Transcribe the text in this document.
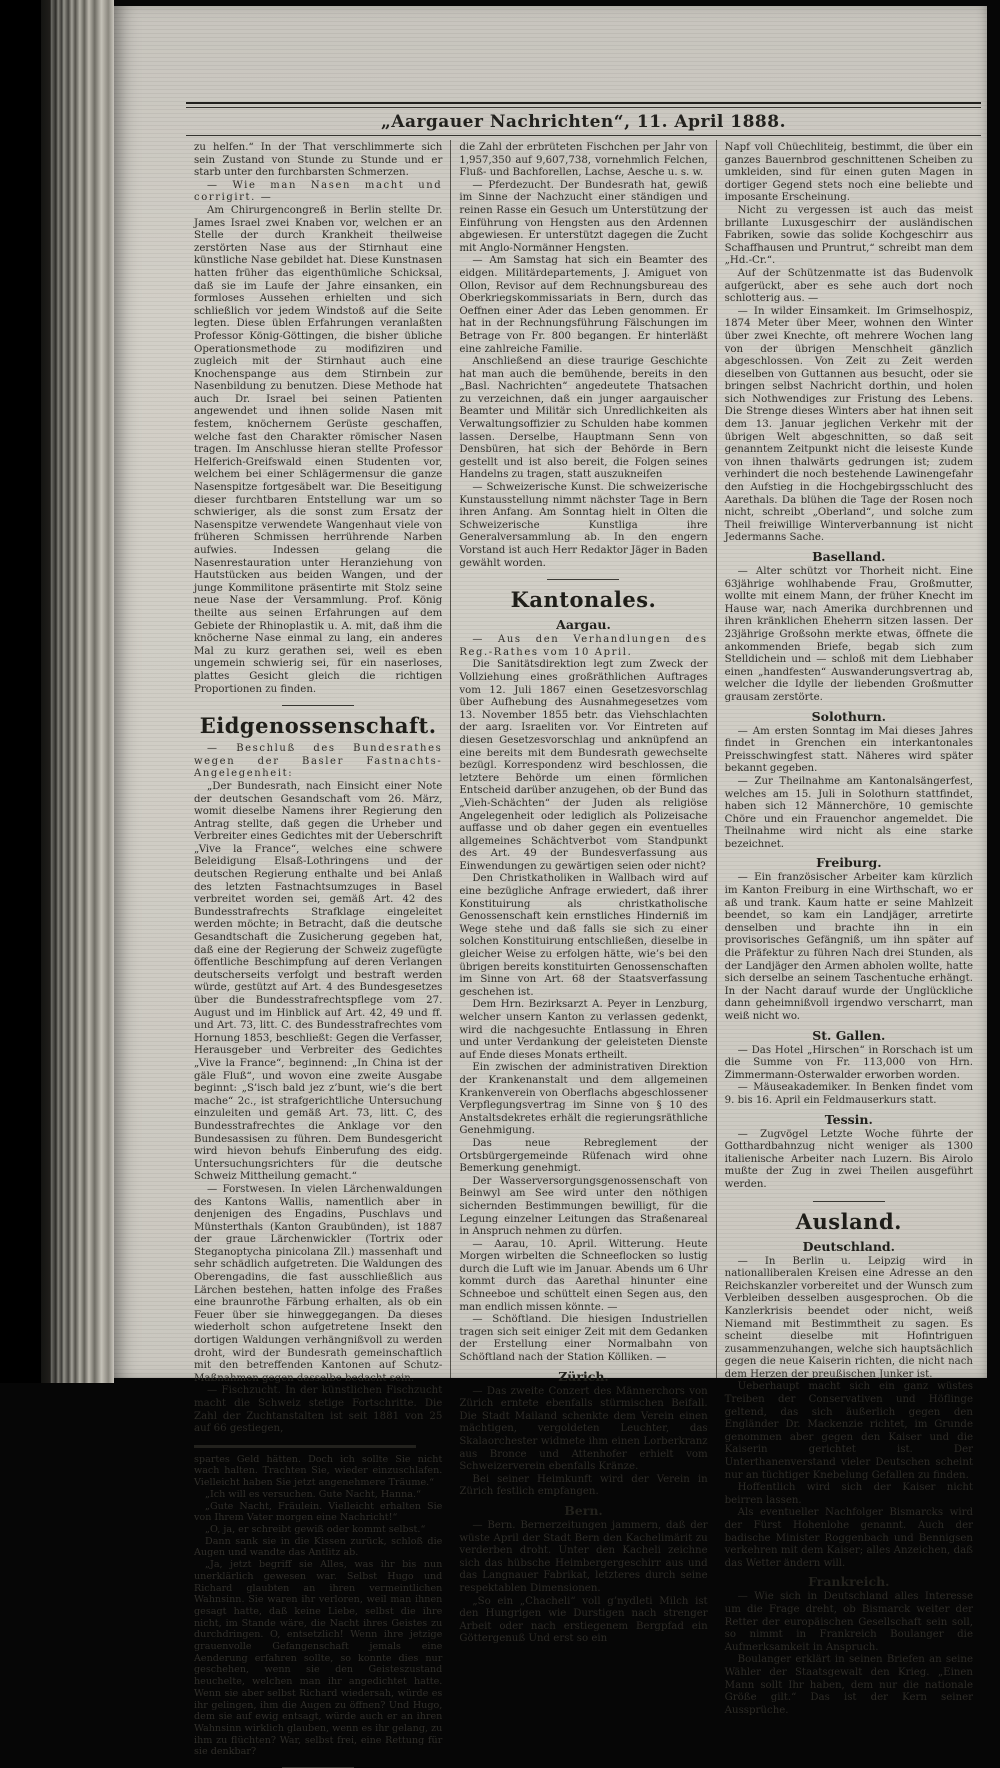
„Aargauer Nachrichten“, 11. April 1888.
zu helfen.“ In der That verschlimmerte sich sein Zustand von Stunde zu Stunde und er starb unter den furchbarsten Schmerzen.
— Wie man Nasen macht und corrigirt. —
Am Chirurgencongreß in Berlin stellte Dr. James Israel zwei Knaben vor, welchen er an Stelle der durch Krankheit theilweise zerstörten Nase aus der Stirnhaut eine künstliche Nase gebildet hat. Diese Kunstnasen hatten früher das eigenthümliche Schicksal, daß sie im Laufe der Jahre einsanken, ein formloses Aussehen erhielten und sich schließlich vor jedem Windstoß auf die Seite legten. Diese üblen Erfahrungen veranlaßten Professor König-Göttingen, die bisher übliche Operationsmethode zu modifiziren und zugleich mit der Stirnhaut auch eine Knochenspange aus dem Stirnbein zur Nasenbildung zu benutzen. Diese Methode hat auch Dr. Israel bei seinen Patienten angewendet und ihnen solide Nasen mit festem, knöchernem Gerüste geschaffen, welche fast den Charakter römischer Nasen tragen. Im Anschlusse hieran stellte Professor Helferich-Greifswald einen Studenten vor, welchem bei einer Schlägermensur die ganze Nasenspitze fortgesäbelt war. Die Beseitigung dieser furchtbaren Entstellung war um so schwieriger, als die sonst zum Ersatz der Nasenspitze verwendete Wangenhaut viele von früheren Schmissen herrührende Narben aufwies. Indessen gelang die Nasenrestauration unter Heranziehung von Hautstücken aus beiden Wangen, und der junge Kommilitone präsentirte mit Stolz seine neue Nase der Versammlung. Prof. König theilte aus seinen Erfahrungen auf dem Gebiete der Rhinoplastik u. A. mit, daß ihm die knöcherne Nase einmal zu lang, ein anderes Mal zu kurz gerathen sei, weil es eben ungemein schwierig sei, für ein naserloses, plattes Gesicht gleich die richtigen Proportionen zu finden.
Eidgenossenschaft.
— Beschluß des Bundesrathes wegen der Basler Fastnachts-Angelegenheit:
„Der Bundesrath, nach Einsicht einer Note der deutschen Gesandschaft vom 26. März, womit dieselbe Namens ihrer Regierung den Antrag stellte, daß gegen die Urheber und Verbreiter eines Gedichtes mit der Ueberschrift „Vive la France“, welches eine schwere Beleidigung Elsaß-Lothringens und der deutschen Regierung enthalte und bei Anlaß des letzten Fastnachtsumzuges in Basel verbreitet worden sei, gemäß Art. 42 des Bundesstrafrechts Strafklage eingeleitet werden möchte; in Betracht, daß die deutsche Gesandtschaft die Zusicherung gegeben hat, daß eine der Regierung der Schweiz zugefügte öffentliche Beschimpfung auf deren Verlangen deutscherseits verfolgt und bestraft werden würde, gestützt auf Art. 4 des Bundesgesetzes über die Bundesstrafrechtspflege vom 27. August und im Hinblick auf Art. 42, 49 und ff. und Art. 73, litt. C. des Bundesstrafrechtes vom Hornung 1853, beschließt: Gegen die Verfasser, Herausgeber und Verbreiter des Gedichtes „Vive la France“, beginnend: „In China ist der gäle Fluß“, und wovon eine zweite Ausgabe beginnt: „S’isch bald jez z’bunt, wie’s die bert mache“ 2c., ist strafgerichtliche Untersuchung einzuleiten und gemäß Art. 73, litt. C, des Bundesstrafrechtes die Anklage vor den Bundesassisen zu führen. Dem Bundesgericht wird hievon behufs Einberufung des eidg. Untersuchungsrichters für die deutsche Schweiz Mittheilung gemacht.“
— Forstwesen. In vielen Lärchenwaldungen des Kantons Wallis, namentlich aber in denjenigen des Engadins, Puschlavs und Münsterthals (Kanton Graubünden), ist 1887 der graue Lärchenwickler (Tortrix oder Steganoptycha pinicolana Zll.) massenhaft und sehr schädlich aufgetreten. Die Waldungen des Oberengadins, die fast ausschließlich aus Lärchen bestehen, hatten infolge des Fraßes eine braunrothe Färbung erhalten, als ob ein Feuer über sie hinweggegangen. Da dieses wiederholt schon aufgetretene Insekt den dortigen Waldungen verhängnißvoll zu werden droht, wird der Bundesrath gemeinschaftlich mit den betreffenden Kantonen auf Schutz-Maßnahmen gegen dasselbe bedacht sein.
— Fischzucht. In der künstlichen Fischzucht macht die Schweiz stetige Fortschritte. Die Zahl der Zuchtanstalten ist seit 1881 von 25 auf 66 gestiegen,
spartes Geld hätten. Doch ich sollte Sie nicht wach halten. Trachten Sie, wieder einzuschlafen. Vielleicht haben Sie jetzt angenehmere Träume.“
„Ich will es versuchen. Gute Nacht, Hanna.“
„Gute Nacht, Fräulein. Vielleicht erhalten Sie von Ihrem Vater morgen eine Nachricht!“
„O, ja, er schreibt gewiß oder kommt selbst.“
Dann sank sie in die Kissen zurück, schloß die Augen und wandte das Antlitz ab.
„Ja, jetzt begriff sie Alles, was ihr bis nun unerklärlich gewesen war. Selbst Hugo und Richard glaubten an ihren vermeintlichen Wahnsinn. Sie waren ihr verloren, weil man ihnen gesagt hatte, daß keine Liebe, selbst die ihre nicht, im Stande wäre, die Nacht ihres Geistes zu durchdringen. O, entsetzlich! Wenn ihre jetzige grauenvolle Gefangenschaft jemals eine Aenderung erfahren sollte, so konnte dies nur geschehen, wenn sie den Geisteszustand heuchelte, welchen man ihr angedichtet hatte. Wenn sie aber selbst Richard wiedersah, würde es ihr gelingen, ihm die Augen zu öffnen? Und Hugo, dem sie auf ewig entsagt, würde auch er an ihren Wahnsinn wirklich glauben, wenn es ihr gelang, zu ihm zu flüchten? War, selbst frei, eine Rettung für sie denkbar?
die Zahl der erbrüteten Fischchen per Jahr von 1,957,350 auf 9,607,738, vornehmlich Felchen, Fluß- und Bachforellen, Lachse, Aesche u. s. w.
— Pferdezucht. Der Bundesrath hat, gewiß im Sinne der Nachzucht einer ständigen und reinen Rasse ein Gesuch um Unterstützung der Einführung von Hengsten aus den Ardennen abgewiesen. Er unterstützt dagegen die Zucht mit Anglo-Normänner Hengsten.
— Am Samstag hat sich ein Beamter des eidgen. Militärdepartements, J. Amiguet von Ollon, Revisor auf dem Rechnungsbureau des Oberkriegskommissariats in Bern, durch das Oeffnen einer Ader das Leben genommen. Er hat in der Rechnungsführung Fälschungen im Betrage von Fr. 800 begangen. Er hinterläßt eine zahlreiche Familie.
Anschließend an diese traurige Geschichte hat man auch die bemühende, bereits in den „Basl. Nachrichten“ angedeutete Thatsachen zu verzeichnen, daß ein junger aargauischer Beamter und Militär sich Unredlichkeiten als Verwaltungsoffizier zu Schulden habe kommen lassen. Derselbe, Hauptmann Senn von Densbüren, hat sich der Behörde in Bern gestellt und ist also bereit, die Folgen seines Handelns zu tragen, statt auszukneifen
— Schweizerische Kunst. Die schweizerische Kunstausstellung nimmt nächster Tage in Bern ihren Anfang. Am Sonntag hielt in Olten die Schweizerische Kunstliga ihre Generalversammlung ab. In den engern Vorstand ist auch Herr Redaktor Jäger in Baden gewählt worden.
Kantonales.
Aargau.
— Aus den Verhandlungen des Reg.-Rathes vom 10 April.
Die Sanitätsdirektion legt zum Zweck der Vollziehung eines großräthlichen Auftrages vom 12. Juli 1867 einen Gesetzesvorschlag über Aufhebung des Ausnahmegesetzes vom 13. November 1855 betr. das Viehschlachten der aarg. Israeliten vor. Vor Eintreten auf diesen Gesetzesvorschlag und anknüpfend an eine bereits mit dem Bundesrath gewechselte bezügl. Korrespondenz wird beschlossen, die letztere Behörde um einen förmlichen Entscheid darüber anzugehen, ob der Bund das „Vieh-Schächten“ der Juden als religiöse Angelegenheit oder lediglich als Polizeisache auffasse und ob daher gegen ein eventuelles allgemeines Schächtverbot vom Standpunkt des Art. 49 der Bundesverfassung aus Einwendungen zu gewärtigen seien oder nicht?
Den Christkatholiken in Wallbach wird auf eine bezügliche Anfrage erwiedert, daß ihrer Konstituirung als christkatholische Genossenschaft kein ernstliches Hinderniß im Wege stehe und daß falls sie sich zu einer solchen Konstituirung entschließen, dieselbe in gleicher Weise zu erfolgen hätte, wie’s bei den übrigen bereits konstituirten Genossenschaften im Sinne von Art. 68 der Staatsverfassung geschehen ist.
Dem Hrn. Bezirksarzt A. Peyer in Lenzburg, welcher unsern Kanton zu verlassen gedenkt, wird die nachgesuchte Entlassung in Ehren und unter Verdankung der geleisteten Dienste auf Ende dieses Monats ertheilt.
Ein zwischen der administrativen Direktion der Krankenanstalt und dem allgemeinen Krankenverein von Oberflachs abgeschlossener Verpflegungsvertrag im Sinne von § 10 des Anstaltsdekretes erhält die regierungsräthliche Genehmigung.
Das neue Rebreglement der Ortsbürgergemeinde Rüfenach wird ohne Bemerkung genehmigt.
Der Wasserversorgungsgenossenschaft von Beinwyl am See wird unter den nöthigen sichernden Bestimmungen bewilligt, für die Legung einzelner Leitungen das Straßenareal in Anspruch nehmen zu dürfen.
— Aarau, 10. April. Witterung. Heute Morgen wirbelten die Schneeflocken so lustig durch die Luft wie im Januar. Abends um 6 Uhr kommt durch das Aarethal hinunter eine Schneeboe und schüttelt einen Segen aus, den man endlich missen könnte. —
— Schöftland. Die hiesigen Industriellen tragen sich seit einiger Zeit mit dem Gedanken der Erstellung einer Normalbahn von Schöftland nach der Station Kölliken. —
Zürich.
— Das zweite Conzert des Männerchors von Zürich erntete ebenfalls stürmischen Beifall. Die Stadt Mailand schenkte dem Verein einen mächtigen, vergoldeten Leuchter, das Skalaorchester widmete ihm einen Lorberkranz aus Bronce und Attenhofer erhielt vom Schweizerverein ebenfalls Kränze.
Bei seiner Heimkunft wird der Verein in Zürich festlich empfangen.
Bern.
— Bern. Bernerzeitungen jammern, daß der wüste April der Stadt Bern den Kachelimärit zu verderben droht. Unter den Kacheli zeichne sich das hübsche Heimbergergeschirr aus und das Langnauer Fabrikat, letzteres durch seine respektablen Dimensionen.
„So ein „Chacheli“ voll g’nydleti Milch ist den Hungrigen wie Durstigen nach strenger Arbeit oder nach erstiegenem Bergpfad ein Göttergenuß Und erst so ein
Napf voll Chüechliteig, bestimmt, die über ein ganzes Bauernbrod geschnittenen Scheiben zu umkleiden, sind für einen guten Magen in dortiger Gegend stets noch eine beliebte und imposante Erscheinung.
Nicht zu vergessen ist auch das meist brillante Luxusgeschirr der ausländischen Fabriken, sowie das solide Kochgeschirr aus Schaffhausen und Pruntrut,“ schreibt man dem „Hd.-Cr.“.
Auf der Schützenmatte ist das Budenvolk aufgerückt, aber es sehe auch dort noch schlotterig aus. —
— In wilder Einsamkeit. Im Grimselhospiz, 1874 Meter über Meer, wohnen den Winter über zwei Knechte, oft mehrere Wochen lang von der übrigen Menschheit gänzlich abgeschlossen. Von Zeit zu Zeit werden dieselben von Guttannen aus besucht, oder sie bringen selbst Nachricht dorthin, und holen sich Nothwendiges zur Fristung des Lebens. Die Strenge dieses Winters aber hat ihnen seit dem 13. Januar jeglichen Verkehr mit der übrigen Welt abgeschnitten, so daß seit genanntem Zeitpunkt nicht die leiseste Kunde von ihnen thalwärts gedrungen ist; zudem verhindert die noch bestehende Lawinengefahr den Aufstieg in die Hochgebirgsschlucht des Aarethals. Da blühen die Tage der Rosen noch nicht, schreibt „Oberland“, und solche zum Theil freiwillige Winterverbannung ist nicht Jedermanns Sache.
Baselland.
— Alter schützt vor Thorheit nicht. Eine 63jährige wohlhabende Frau, Großmutter, wollte mit einem Mann, der früher Knecht im Hause war, nach Amerika durchbrennen und ihren kränklichen Eheherrn sitzen lassen. Der 23jährige Großsohn merkte etwas, öffnete die ankommenden Briefe, begab sich zum Stelldichein und — schloß mit dem Liebhaber einen „handfesten“ Auswanderungsvertrag ab, welcher die Idylle der liebenden Großmutter grausam zerstörte.
Solothurn.
— Am ersten Sonntag im Mai dieses Jahres findet in Grenchen ein interkantonales Preisschwingfest statt. Näheres wird später bekannt gegeben.
— Zur Theilnahme am Kantonalsängerfest, welches am 15. Juli in Solothurn stattfindet, haben sich 12 Männerchöre, 10 gemischte Chöre und ein Frauenchor angemeldet. Die Theilnahme wird nicht als eine starke bezeichnet.
Freiburg.
— Ein französischer Arbeiter kam kürzlich im Kanton Freiburg in eine Wirthschaft, wo er aß und trank. Kaum hatte er seine Mahlzeit beendet, so kam ein Landjäger, arretirte denselben und brachte ihn in ein provisorisches Gefängniß, um ihn später auf die Präfektur zu führen Nach drei Stunden, als der Landjäger den Armen abholen wollte, hatte sich derselbe an seinem Taschentuche erhängt. In der Nacht darauf wurde der Unglückliche dann geheimnißvoll irgendwo verscharrt, man weiß nicht wo.
St. Gallen.
— Das Hotel „Hirschen“ in Rorschach ist um die Summe von Fr. 113,000 von Hrn. Zimmermann-Osterwalder erworben worden.
— Mäuseakademiker. In Benken findet vom 9. bis 16. April ein Feldmauserkurs statt.
Tessin.
— Zugvögel Letzte Woche führte der Gotthardbahnzug nicht weniger als 1300 italienische Arbeiter nach Luzern. Bis Airolo mußte der Zug in zwei Theilen ausgeführt werden.
Ausland.
Deutschland.
— In Berlin u. Leipzig wird in nationalliberalen Kreisen eine Adresse an den Reichskanzler vorbereitet und der Wunsch zum Verbleiben desselben ausgesprochen. Ob die Kanzlerkrisis beendet oder nicht, weiß Niemand mit Bestimmtheit zu sagen. Es scheint dieselbe mit Hofintriguen zusammenzuhangen, welche sich hauptsächlich gegen die neue Kaiserin richten, die nicht nach dem Herzen der preußischen Junker ist.
Ueberhaupt macht sich ein ganz wüstes Treiben der Conservativen und Höflinge geltend, das sich äußerlich gegen den Engländer Dr. Mackenzie richtet, im Grunde genommen aber gegen den Kaiser und die Kaiserin gerichtet ist. Der Unterthanenverstand vieler Deutschen scheint nur an tüchtiger Knebelung Gefallen zu finden.
Hoffentlich wird sich der Kaiser nicht beirren lassen.
Als eventueller Nachfolger Bismarcks wird der Fürst Hohenlohe genannt. Auch der badische Minister Roggenbach und Bennigsen verkehren mit dem Kaiser; alles Anzeichen, daß das Wetter ändern will.
Frankreich.
— Wie sich in Deutschland alles Interesse um die Frage dreht, ob Bismarck weiter der Retter der europäischen Gesellschaft sein soll, so nimmt in Frankreich Boulanger die Aufmerksamkeit in Anspruch.
Boulanger erklärt in seinen Briefen an seine Wähler der Staatsgewalt den Krieg. „Einen Mann sollt Ihr haben, dem nur die nationale Größe gilt.“ Das ist der Kern seiner Aussprüche.
